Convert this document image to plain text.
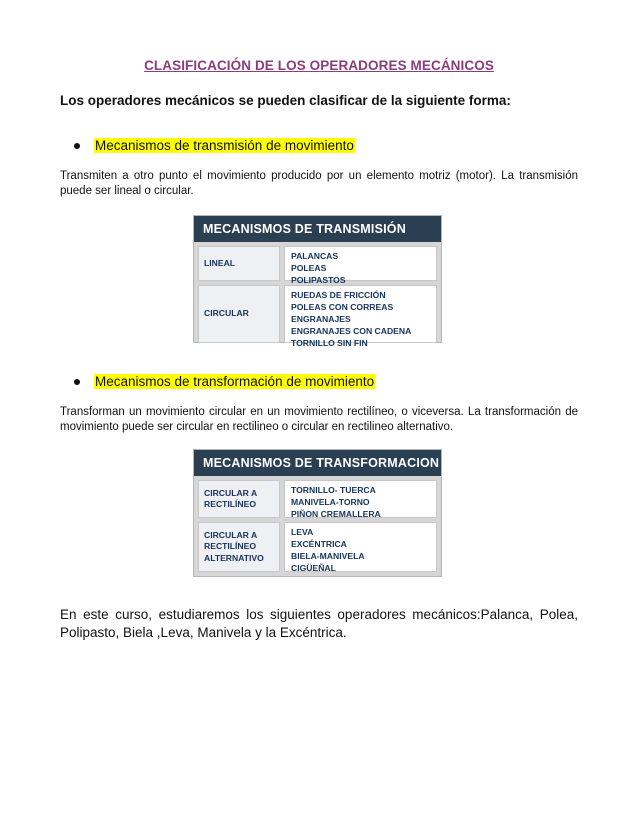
CLASIFICACIÓN DE LOS OPERADORES MECÁNICOS
Los operadores mecánicos se pueden clasificar de la siguiente forma:
Mecanismos de transmisión de movimiento
Transmiten a otro punto el movimiento producido por un elemento motriz (motor). La transmisión puede ser lineal o circular.
MECANISMOS DE TRANSMISIÓN
LINEAL
PALANCAS
POLEAS
POLIPASTOS
CIRCULAR
RUEDAS DE FRICCIÓN
POLEAS CON CORREAS
ENGRANAJES
ENGRANAJES CON CADENA
TORNILLO SIN FIN
Mecanismos de transformación de movimiento
Transforman un movimiento circular en un movimiento rectilíneo, o viceversa. La transformación de movimiento puede ser circular en rectilineo o circular en rectilineo alternativo.
MECANISMOS DE TRANSFORMACION
CIRCULAR A
RECTILÍNEO
TORNILLO- TUERCA
MANIVELA-TORNO
PIÑON CREMALLERA
CIRCULAR A
RECTILÍNEO
ALTERNATIVO
LEVA
EXCÉNTRICA
BIELA-MANIVELA
CIGÜEÑAL
En este curso, estudiaremos los siguientes operadores mecánicos:Palanca, Polea, Polipasto, Biela ,Leva, Manivela y la Excéntrica.
